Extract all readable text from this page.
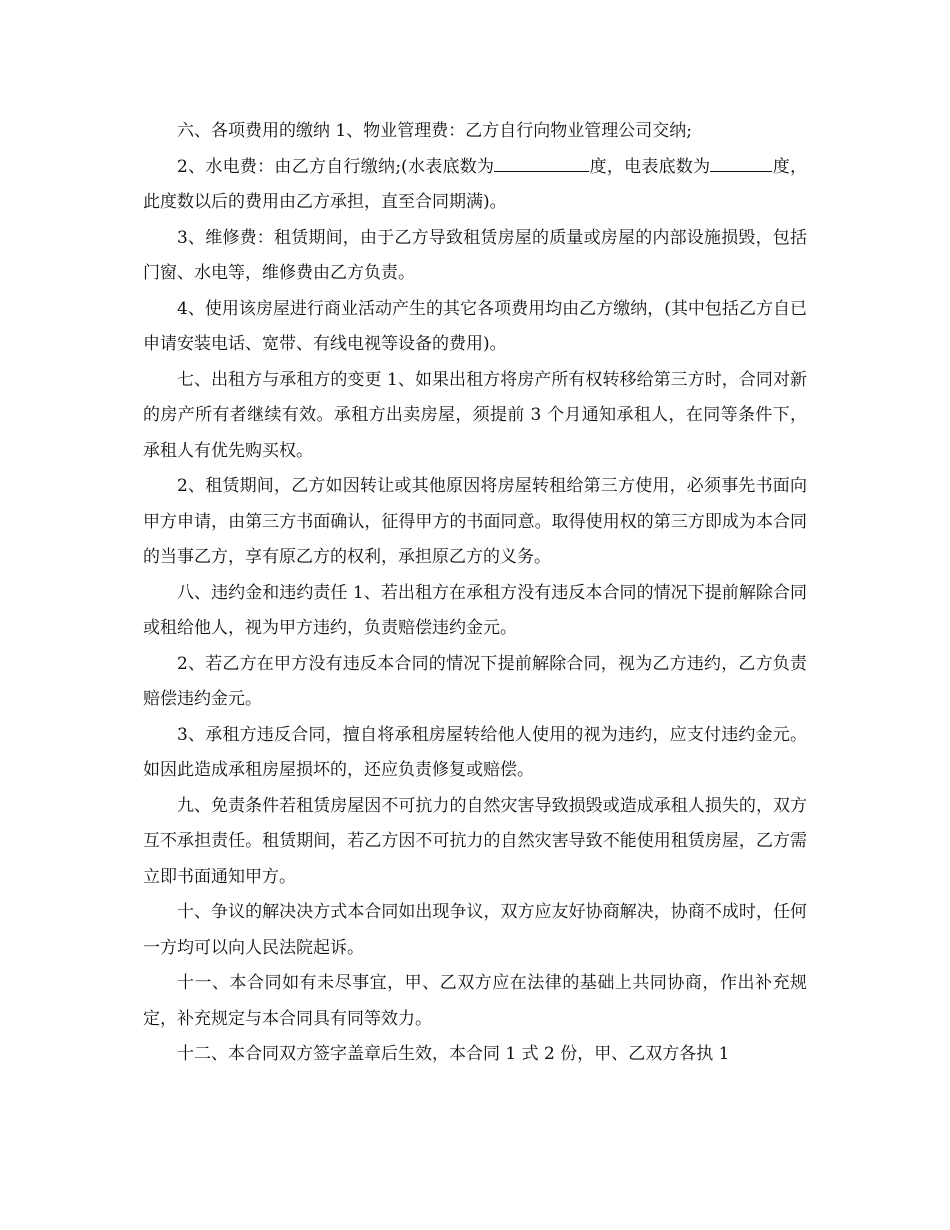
六、各项费用的缴纳 1、物业管理费：乙方自行向物业管理公司交纳;

2、水电费：由乙方自行缴纳;(水表底数为	度，电表底数为	度，此度数以后的费用由乙方承担，直至合同期满)。

3、维修费：租赁期间，由于乙方导致租赁房屋的质量或房屋的内部设施损毁，包括门窗、水电等，维修费由乙方负责。

4、使用该房屋进行商业活动产生的其它各项费用均由乙方缴纳，(其中包括乙方自已申请安装电话、宽带、有线电视等设备的费用)。

七、出租方与承租方的变更 1、如果出租方将房产所有权转移给第三方时，合同对新的房产所有者继续有效。承租方出卖房屋，须提前 3 个月通知承租人，在同等条件下，承租人有优先购买权。

2、租赁期间，乙方如因转让或其他原因将房屋转租给第三方使用，必须事先书面向甲方申请，由第三方书面确认，征得甲方的书面同意。取得使用权的第三方即成为本合同的当事乙方，享有原乙方的权利，承担原乙方的义务。

八、违约金和违约责任 1、若出租方在承租方没有违反本合同的情况下提前解除合同或租给他人，视为甲方违约，负责赔偿违约金元。

2、若乙方在甲方没有违反本合同的情况下提前解除合同，视为乙方违约，乙方负责赔偿违约金元。

3、承租方违反合同，擅自将承租房屋转给他人使用的视为违约，应支付违约金元。如因此造成承租房屋损坏的，还应负责修复或赔偿。

九、免责条件若租赁房屋因不可抗力的自然灾害导致损毁或造成承租人损失的，双方互不承担责任。租赁期间，若乙方因不可抗力的自然灾害导致不能使用租赁房屋，乙方需立即书面通知甲方。

十、争议的解决决方式本合同如出现争议，双方应友好协商解决，协商不成时，任何一方均可以向人民法院起诉。

十一、本合同如有未尽事宜，甲、乙双方应在法律的基础上共同协商，作出补充规定，补充规定与本合同具有同等效力。

十二、本合同双方签字盖章后生效，本合同 1 式 2 份，甲、乙双方各执 1
